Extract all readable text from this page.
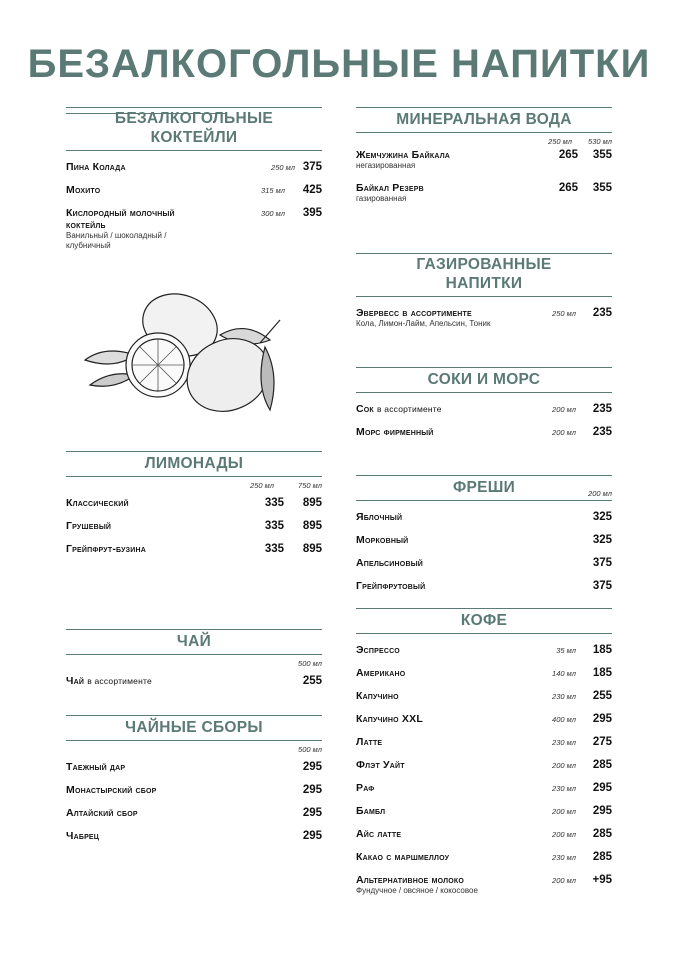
БЕЗАЛКОГОЛЬНЫЕ НАПИТКИ
БЕЗАЛКОГОЛЬНЫЕ КОКТЕЙЛИ
Пина Колада	250 мл 375
Мохито	315 мл 425
Кислородный молочный коктейль
Ванильный / шоколадный / клубничный
300 мл 395
ЛИМОНАДЫ
250 мл	750 мл
Классический	335 895
Грушевый	335 895
Грейпфрут-бузина	335 895
ЧАЙ
500 мл
Чай в ассортименте	255
ЧАЙНЫЕ СБОРЫ
500 мл
Таежный дар	295
Монастырский сбор	295
Алтайский сбор	295
Чабрец	295
МИНЕРАЛЬНАЯ ВОДА
250 мл 530 мл
Жемчужина Байкала
негазированная
265 355
Байкал Резерв
газированная
265 355
ГАЗИРОВАННЫЕ НАПИТКИ
Эвервесс в ассортименте
Кола, Лимон-Лайм, Апельсин, Тоник
250 мл 235
СОКИ И МОРС
Сок в ассортименте	200 мл 235
Морс фирменный	200 мл 235
ФРЕШИ	200 мл
Яблочный	325
Морковный	325
Апельсиновый	375
Грейпфрутовый	375
КОФЕ
Эспрессо	35 мл 185
Американо	140 мл 185
Капучино	230 мл 255
Капучино XXL	400 мл 295
Латте	230 мл 275
Флэт Уайт	200 мл 285
Раф	230 мл 295
Бамбл	200 мл 295
Айс латте	200 мл 285
Какао с маршмеллоу	230 мл 285
Альтернативное молоко
Фундучное / овсяное / кокосовое
200 мл +95
